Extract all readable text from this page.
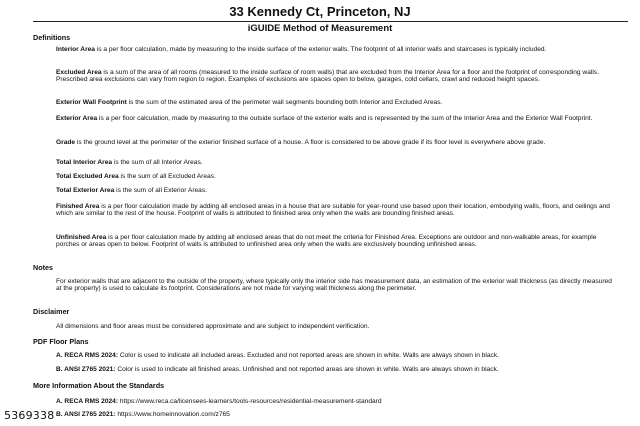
33 Kennedy Ct, Princeton, NJ
iGUIDE Method of Measurement
Definitions
Interior Area is a per floor calculation, made by measuring to the inside surface of the exterior walls. The footprint of all interior walls and staircases is typically included.
Excluded Area is a sum of the area of all rooms (measured to the inside surface of room walls) that are excluded from the Interior Area for a floor and the footprint of corresponding walls. Prescribed area exclusions can vary from region to region. Examples of exclusions are spaces open to below, garages, cold cellars, crawl and reduced height spaces.
Exterior Wall Footprint is the sum of the estimated area of the perimeter wall segments bounding both Interior and Excluded Areas.
Exterior Area is a per floor calculation, made by measuring to the outside surface of the exterior walls and is represented by the sum of the Interior Area and the Exterior Wall Footprint.
Grade is the ground level at the perimeter of the exterior finished surface of a house. A floor is considered to be above grade if its floor level is everywhere above grade.
Total Interior Area is the sum of all Interior Areas.
Total Excluded Area is the sum of all Excluded Areas.
Total Exterior Area is the sum of all Exterior Areas.
Finished Area is a per floor calculation made by adding all enclosed areas in a house that are suitable for year-round use based upon their location, embodying walls, floors, and ceilings and which are similar to the rest of the house. Footprint of walls is attributed to finished area only when the walls are bounding finished areas.
Unfinished Area is a per floor calculation made by adding all enclosed areas that do not meet the criteria for Finished Area. Exceptions are outdoor and non-walkable areas, for example porches or areas open to below. Footprint of walls is attributed to unfinished area only when the walls are exclusively bounding unfinished areas.
Notes
For exterior walls that are adjacent to the outside of the property, where typically only the interior side has measurement data, an estimation of the exterior wall thickness (as directly measured at the property) is used to calculate its footprint. Considerations are not made for varying wall thickness along the perimeter.
Disclaimer
All dimensions and floor areas must be considered approximate and are subject to independent verification.
PDF Floor Plans
A. RECA RMS 2024: Color is used to indicate all included areas. Excluded and not reported areas are shown in white. Walls are always shown in black.
B. ANSI Z765 2021: Color is used to indicate all finished areas. Unfinished and not reported areas are shown in white. Walls are always shown in black.
More Information About the Standards
A. RECA RMS 2024: https://www.reca.ca/licensees-learners/tools-resources/residential-measurement-standard
B. ANSI Z765 2021: https://www.homeinnovation.com/z765
5369338
